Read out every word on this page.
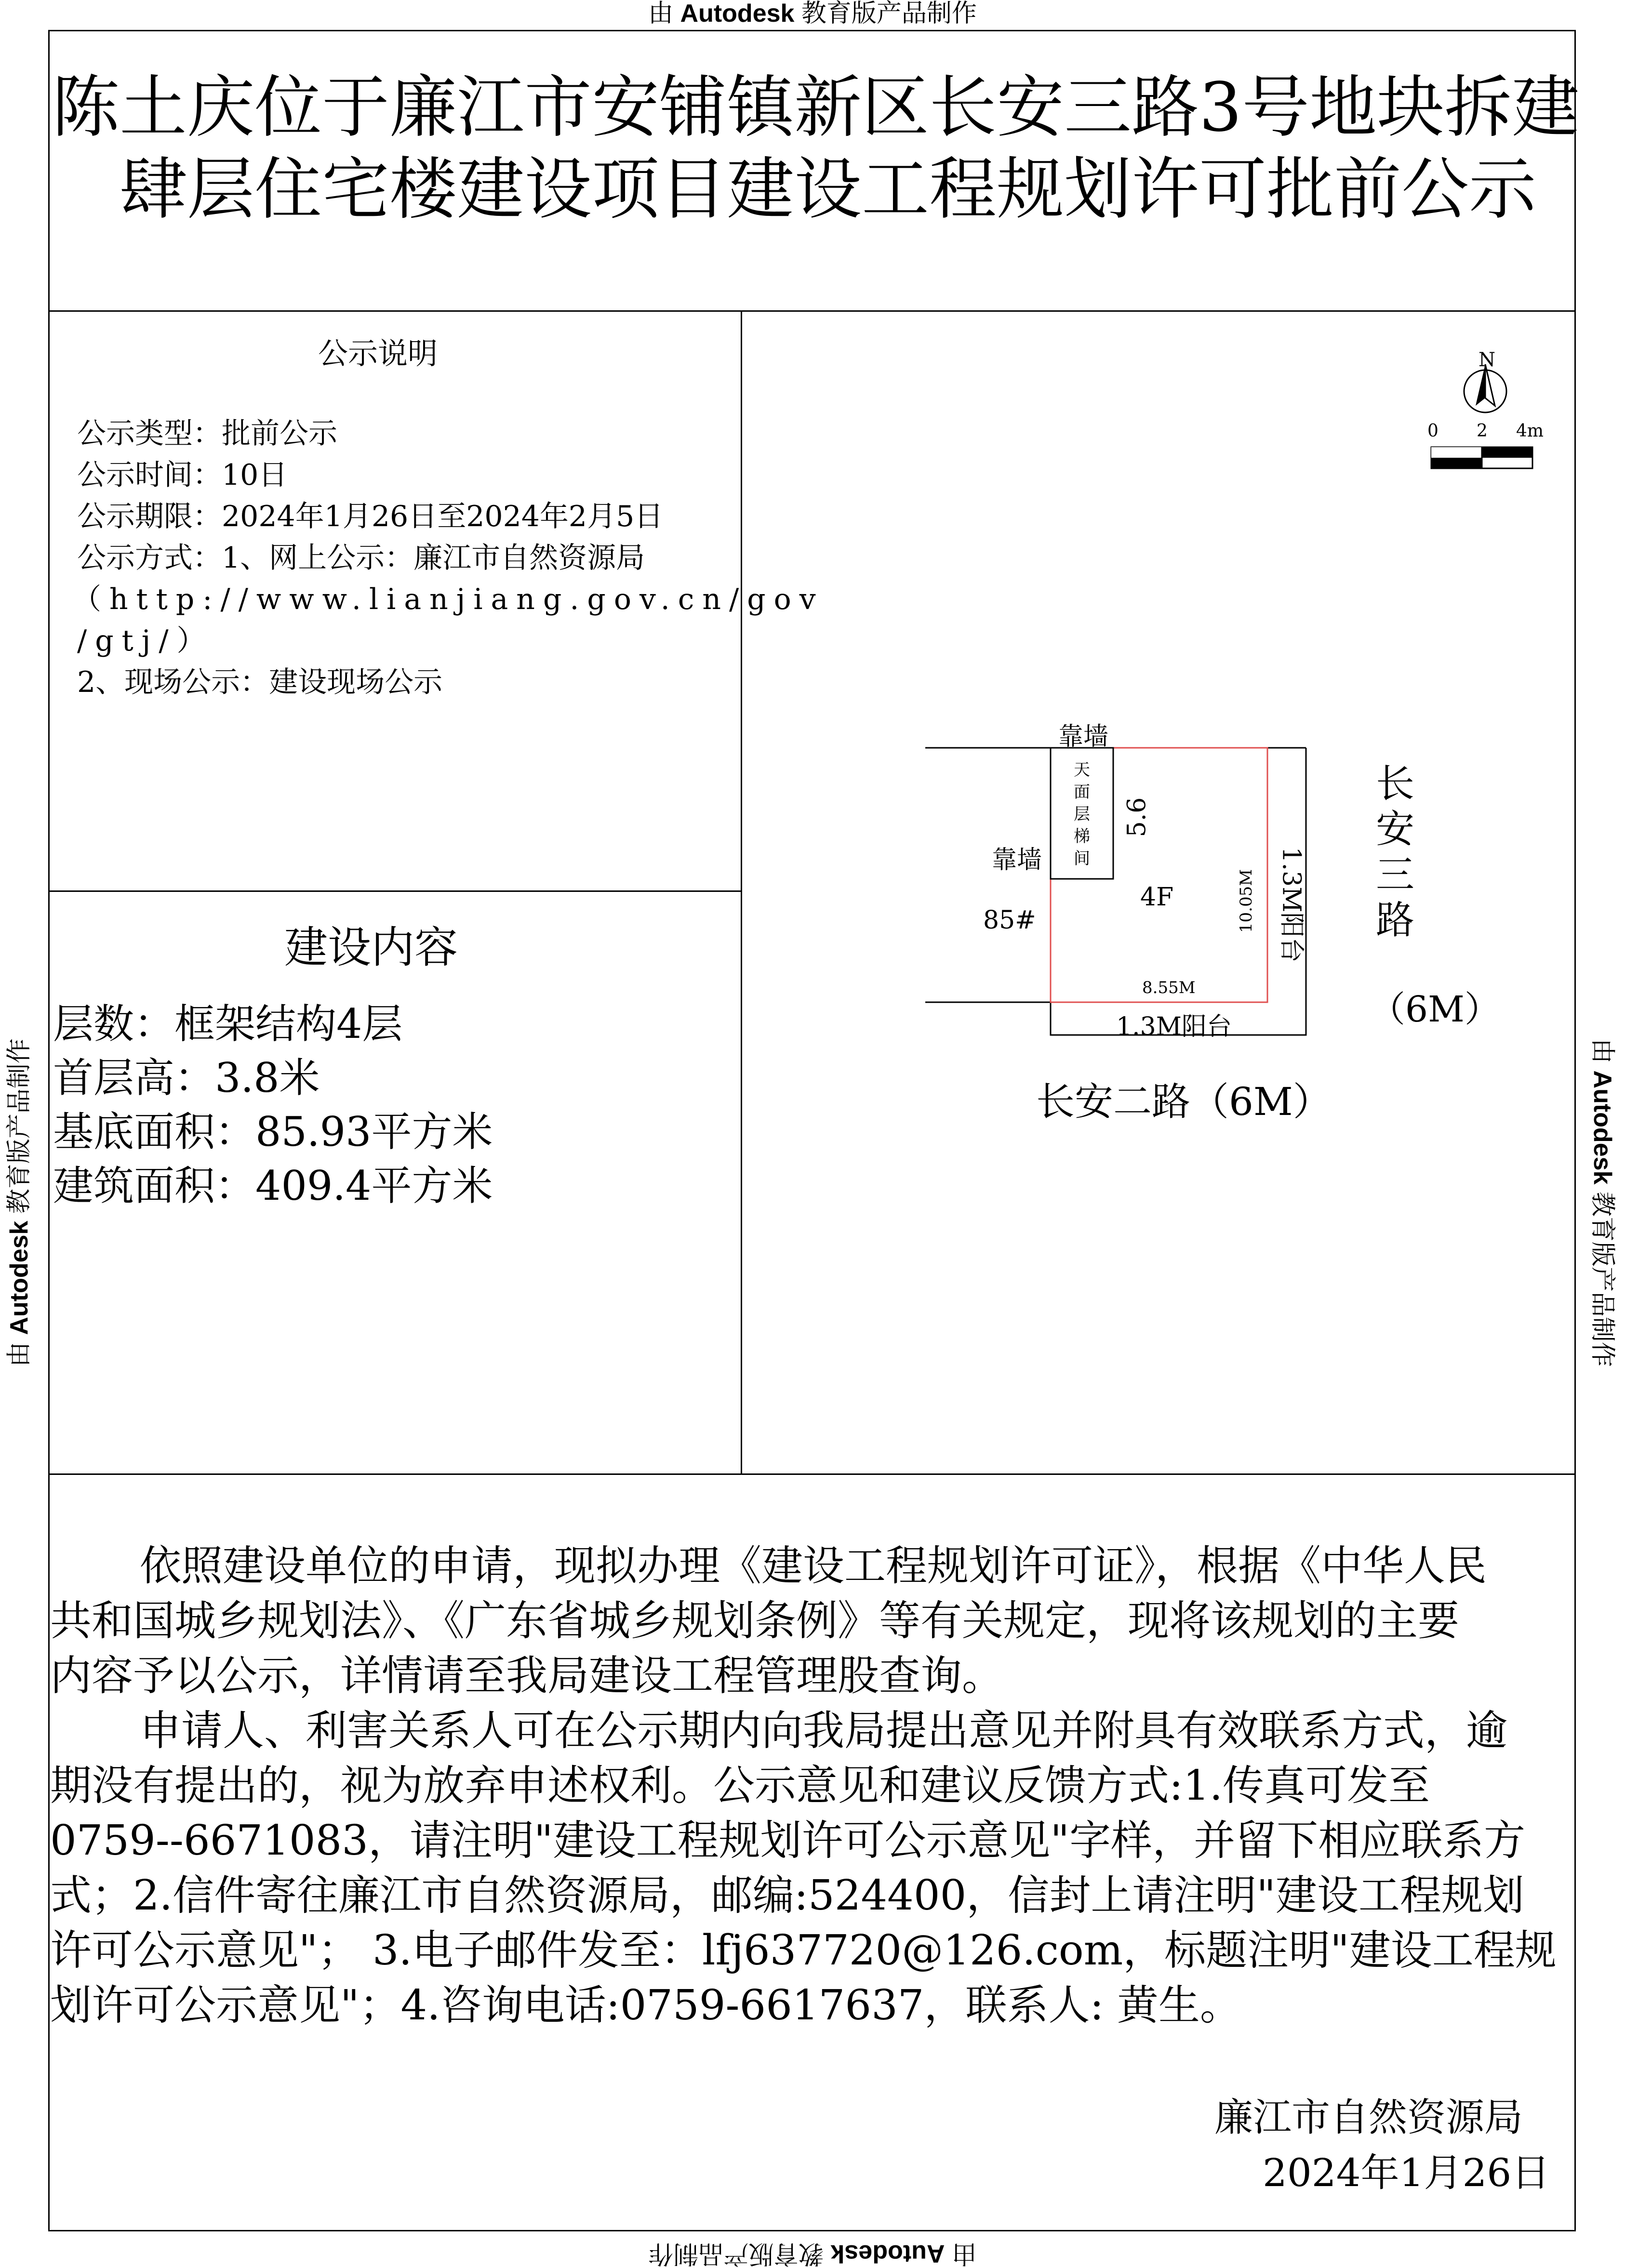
由 Autodesk 教育版产品制作
由 Autodesk 教育版产品制作
由 Autodesk 教育版产品制作	由 Autodesk 教育版产品制作
陈土庆位于廉江市安铺镇新区长安三路3号地块拆建
肆层住宅楼建设项目建设工程规划许可批前公示
公示说明
公示类型：批前公示
公示时间：10日
公示期限：2024年1月26日至2024年2月5日
公示方式：1、网上公示：廉江市自然资源局
（http://www.lianjiang.gov.cn/gov
/gtj/）
2、现场公示：建设现场公示
建设内容
层数：框架结构4层
首层高：3.8米
基底面积：85.93平方米
建筑面积：409.4平方米
N
0 2 4m
靠墙
靠墙
85#
天面层梯间
5.6
4F	10.05M
8.55M
1.3M阳台
1.3M阳台
长安三路
（6M）
长安二路（6M）
依照建设单位的申请，现拟办理《建设工程规划许可证》，根据《中华人民
共和国城乡规划法》、《广东省城乡规划条例》等有关规定，现将该规划的主要
内容予以公示，详情请至我局建设工程管理股查询。
申请人、利害关系人可在公示期内向我局提出意见并附具有效联系方式，逾
期没有提出的，视为放弃申述权利。公示意见和建议反馈方式:1.传真可发至
0759--6671083，请注明"建设工程规划许可公示意见"字样，并留下相应联系方
式；2.信件寄往廉江市自然资源局，邮编:524400，信封上请注明"建设工程规划
许可公示意见"； 3.电子邮件发至：lfj637720@126.com，标题注明"建设工程规
划许可公示意见"；4.咨询电话:0759-6617637，联系人: 黄生。
廉江市自然资源局
2024年1月26日
